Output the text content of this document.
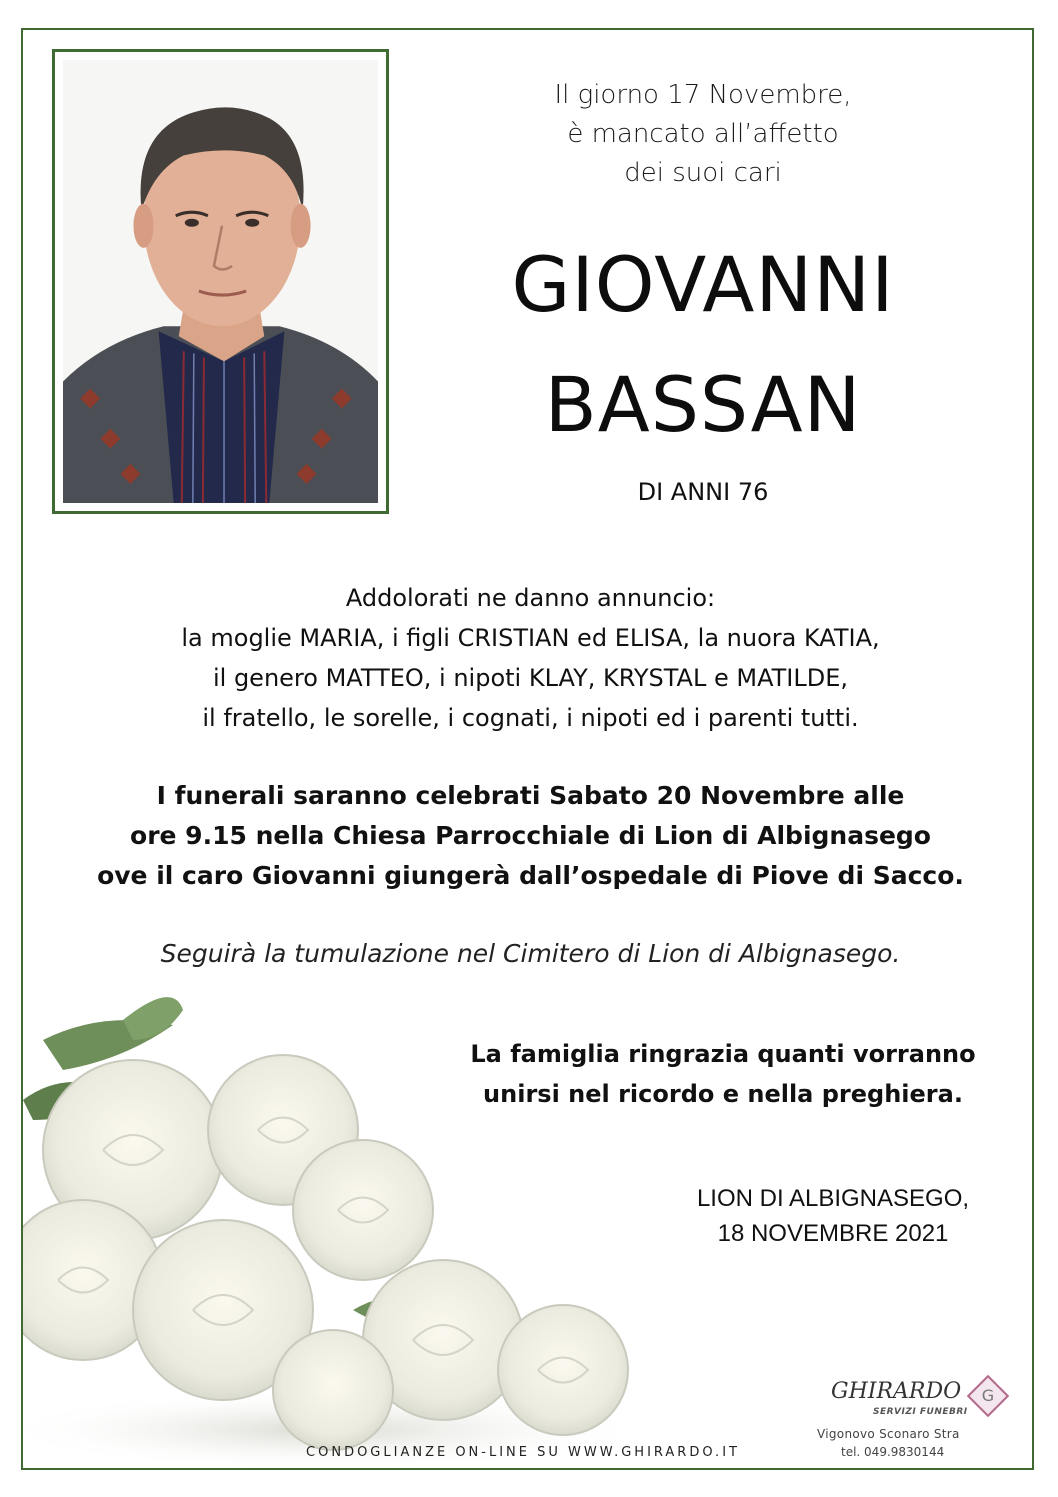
Il giorno 17 Novembre,
è mancato all’affetto
dei suoi cari
GIOVANNI
BASSAN
DI ANNI 76
Addolorati ne danno annuncio:
la moglie MARIA, i figli CRISTIAN ed ELISA, la nuora KATIA,
il genero MATTEO, i nipoti KLAY, KRYSTAL e MATILDE,
il fratello, le sorelle, i cognati, i nipoti ed i parenti tutti.
I funerali saranno celebrati Sabato 20 Novembre alle
ore 9.15 nella Chiesa Parrocchiale di Lion di Albignasego
ove il caro Giovanni giungerà dall’ospedale di Piove di Sacco.
Seguirà la tumulazione nel Cimitero di Lion di Albignasego.
La famiglia ringrazia quanti vorranno
unirsi nel ricordo e nella preghiera.
LION DI ALBIGNASEGO,
18 NOVEMBRE 2021
GHIRARDO
SERVIZI FUNEBRI
G
Vigonovo Sconaro Stra
tel. 049.9830144
CONDOGLIANZE ON-LINE SU WWW.GHIRARDO.IT
